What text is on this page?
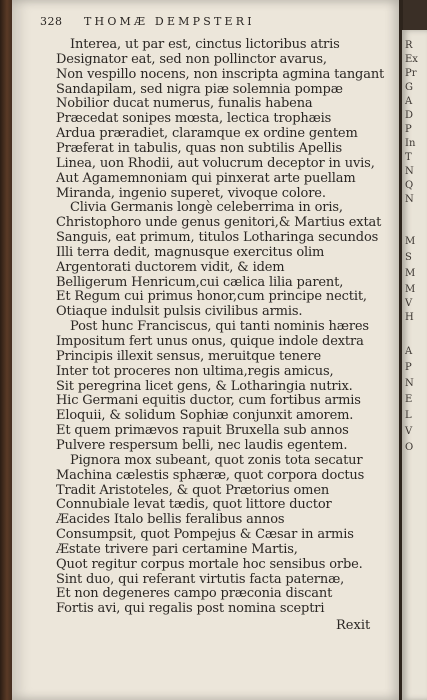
328 THOMÆ DEMPSTERI
Interea, ut par est, cinctus lictoribus atris
Designator eat, sed non pollinctor avarus,
Non vespillo nocens, non inscripta agmina tangant
Sandapilam, sed nigra piæ solemnia pompæ
Nobilior ducat numerus, funalis habena
Præcedat sonipes mœsta, lectica trophæis
Ardua præradiet, claramque ex ordine gentem
Præferat in tabulis, quas non subtilis Apellis
Linea, uon Rhodii, aut volucrum deceptor in uvis,
Aut Agamemnoniam qui pinxerat arte puellam
Miranda, ingenio superet, vivoque colore.
Clivia Germanis longè celeberrima in oris,
Christophoro unde genus genitori,& Martius extat
Sanguis, eat primum, titulos Lotharinga secundos
Illi terra dedit, magnusque exercitus olim
Argentorati ductorem vidit, & idem
Belligerum Henricum,cui cælica lilia parent,
Et Regum cui primus honor,cum principe nectit,
Otiaque indulsit pulsis civilibus armis.
Post hunc Franciscus, qui tanti nominis hæres
Impositum fert unus onus, quique indole dextra
Principis illexit sensus, meruitque tenere
Inter tot proceres non ultima,regis amicus,
Sit peregrina licet gens, & Lotharingia nutrix.
Hic Germani equitis ductor, cum fortibus armis
Eloquii, & solidum Sophiæ conjunxit amorem.
Et quem primævos rapuit Bruxella sub annos
Pulvere respersum belli, nec laudis egentem.
Pignora mox subeant, quot zonis tota secatur
Machina cælestis sphæræ, quot corpora doctus
Tradit Aristoteles, & quot Prætorius omen
Connubiale levat tædis, quot littore ductor
Æacides Italo bellis feralibus annos
Consumpsit, quot Pompejus & Cæsar in armis
Æstate trivere pari certamine Martis,
Quot regitur corpus mortale hoc sensibus orbe.
Sint duo, qui referant virtutis facta paternæ,
Et non degeneres campo præconia discant
Fortis avi, qui regalis post nomina sceptri
Rexit
R
Ex
Pr
G
A
D
P
In
T
N
Q
N
M
S
M
M
V
H
A
P
N
E
L
V
O
